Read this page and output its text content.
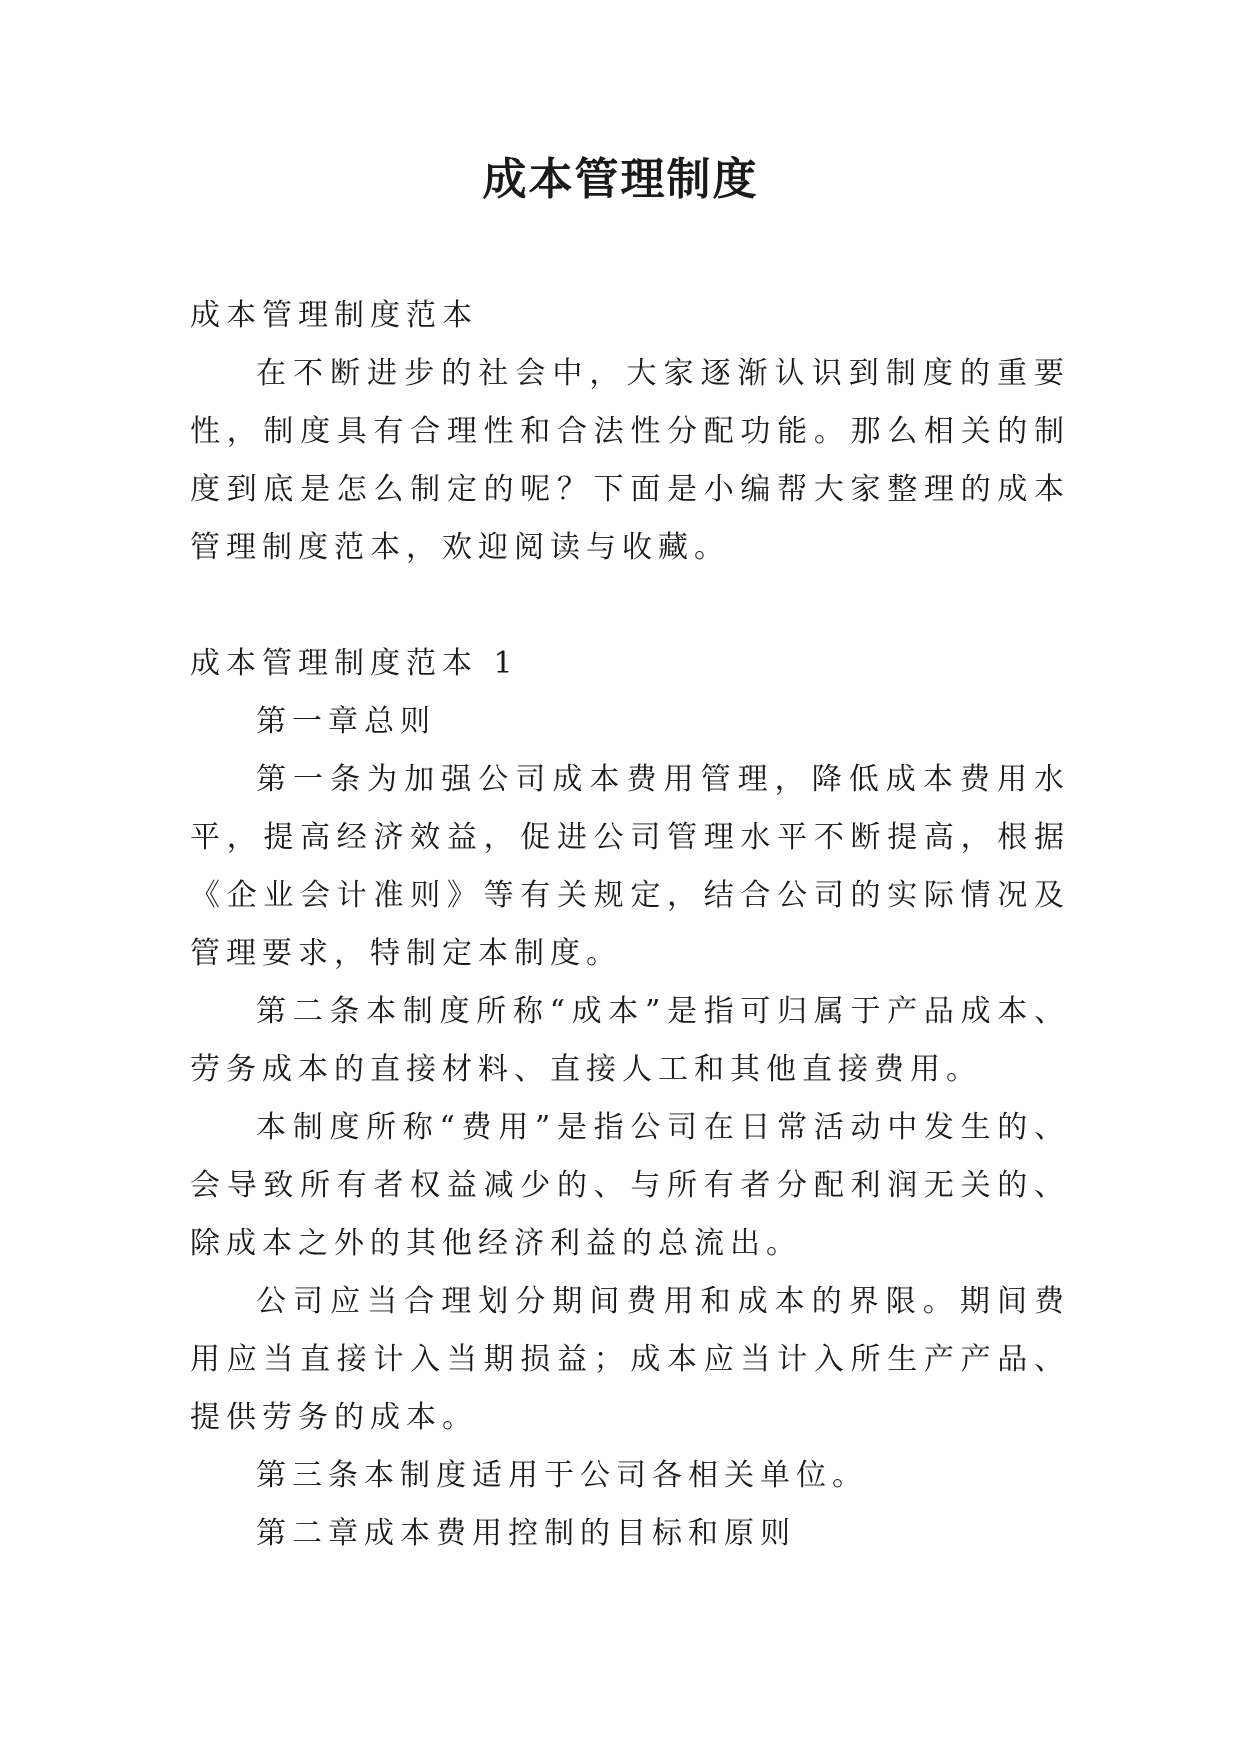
成本管理制度

成本管理制度范本

在不断进步的社会中，大家逐渐认识到制度的重要性，制度具有合理性和合法性分配功能。那么相关的制度到底是怎么制定的呢？下面是小编帮大家整理的成本管理制度范本，欢迎阅读与收藏。

成本管理制度范本 1

第一章总则

第一条为加强公司成本费用管理，降低成本费用水平，提高经济效益，促进公司管理水平不断提高，根据《企业会计准则》等有关规定，结合公司的实际情况及管理要求，特制定本制度。

第二条本制度所称“成本”是指可归属于产品成本、劳务成本的直接材料、直接人工和其他直接费用。

本制度所称“费用”是指公司在日常活动中发生的、会导致所有者权益减少的、与所有者分配利润无关的、除成本之外的其他经济利益的总流出。

公司应当合理划分期间费用和成本的界限。期间费用应当直接计入当期损益；成本应当计入所生产产品、提供劳务的成本。

第三条本制度适用于公司各相关单位。

第二章成本费用控制的目标和原则
